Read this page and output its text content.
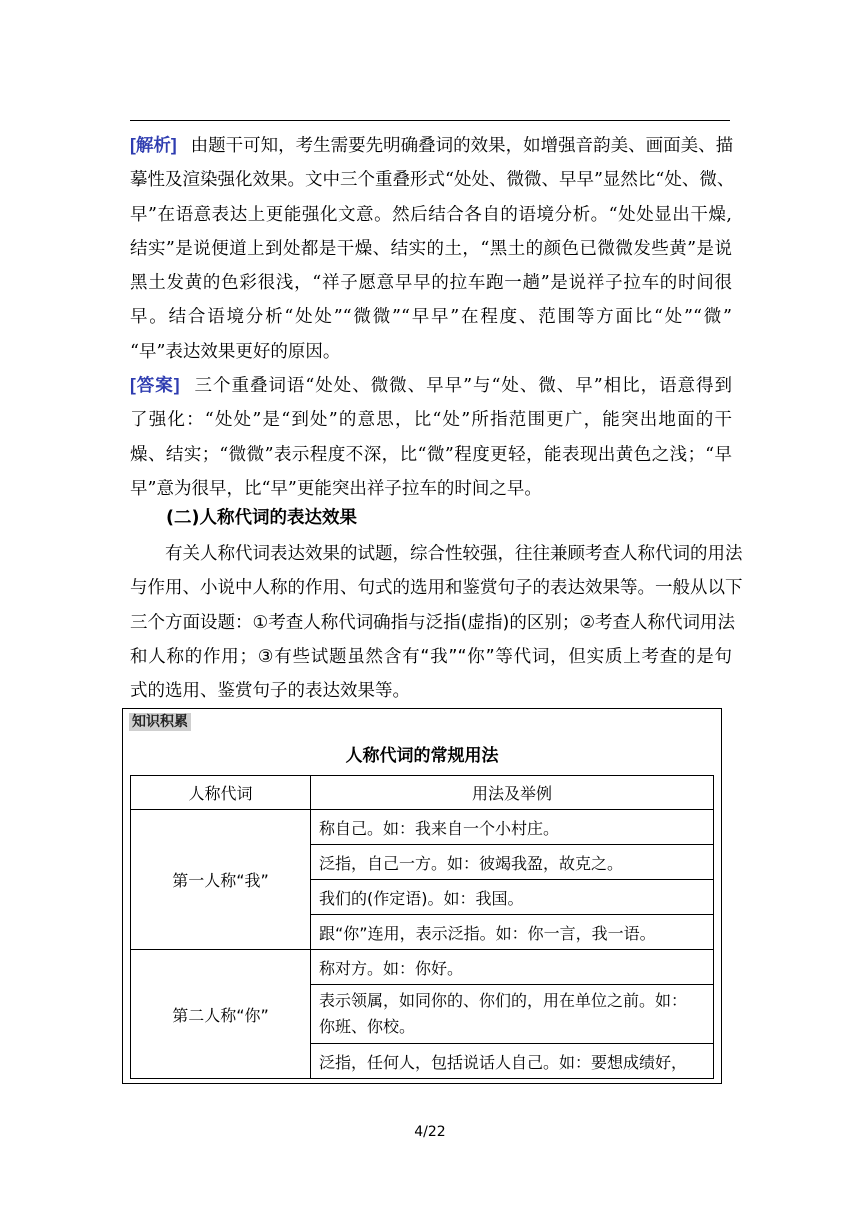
[解析] 由题干可知，考生需要先明确叠词的效果，如增强音韵美、画面美、描
摹性及渲染强化效果。文中三个重叠形式“处处、微微、早早”显然比“处、微、
早”在语意表达上更能强化文意。然后结合各自的语境分析。“处处显出干燥,
结实”是说便道上到处都是干燥、结实的土，“黑土的颜色已微微发些黄”是说
黑土发黄的色彩很浅，“祥子愿意早早的拉车跑一趟”是说祥子拉车的时间很
早。结合语境分析“处处”“微微”“早早”在程度、范围等方面比“处”“微”
“早”表达效果更好的原因。
[答案] 三个重叠词语“处处、微微、早早”与“处、微、早”相比，语意得到
了强化：“处处”是“到处”的意思，比“处”所指范围更广，能突出地面的干
燥、结实；“微微”表示程度不深，比“微”程度更轻，能表现出黄色之浅；“早
早”意为很早，比“早”更能突出祥子拉车的时间之早。
(二)人称代词的表达效果
有关人称代词表达效果的试题，综合性较强，往往兼顾考查人称代词的用法
与作用、小说中人称的作用、句式的选用和鉴赏句子的表达效果等。一般从以下
三个方面设题：①考查人称代词确指与泛指(虚指)的区别；②考查人称代词用法
和人称的作用；③有些试题虽然含有“我”“你”等代词，但实质上考查的是句
式的选用、鉴赏句子的表达效果等。
知识积累
人称代词的常规用法
人称代词	用法及举例
第一人称“我”	称自己。如：我来自一个小村庄。
	泛指，自己一方。如：彼竭我盈，故克之。
	我们的(作定语)。如：我国。
	跟“你”连用，表示泛指。如：你一言，我一语。
第二人称“你”	称对方。如：你好。

	表示领属，如同你的、你们的，用在单位之前。如：
你班、你校。

	泛指，任何人，包括说话人自己。如：要想成绩好，
4/22
